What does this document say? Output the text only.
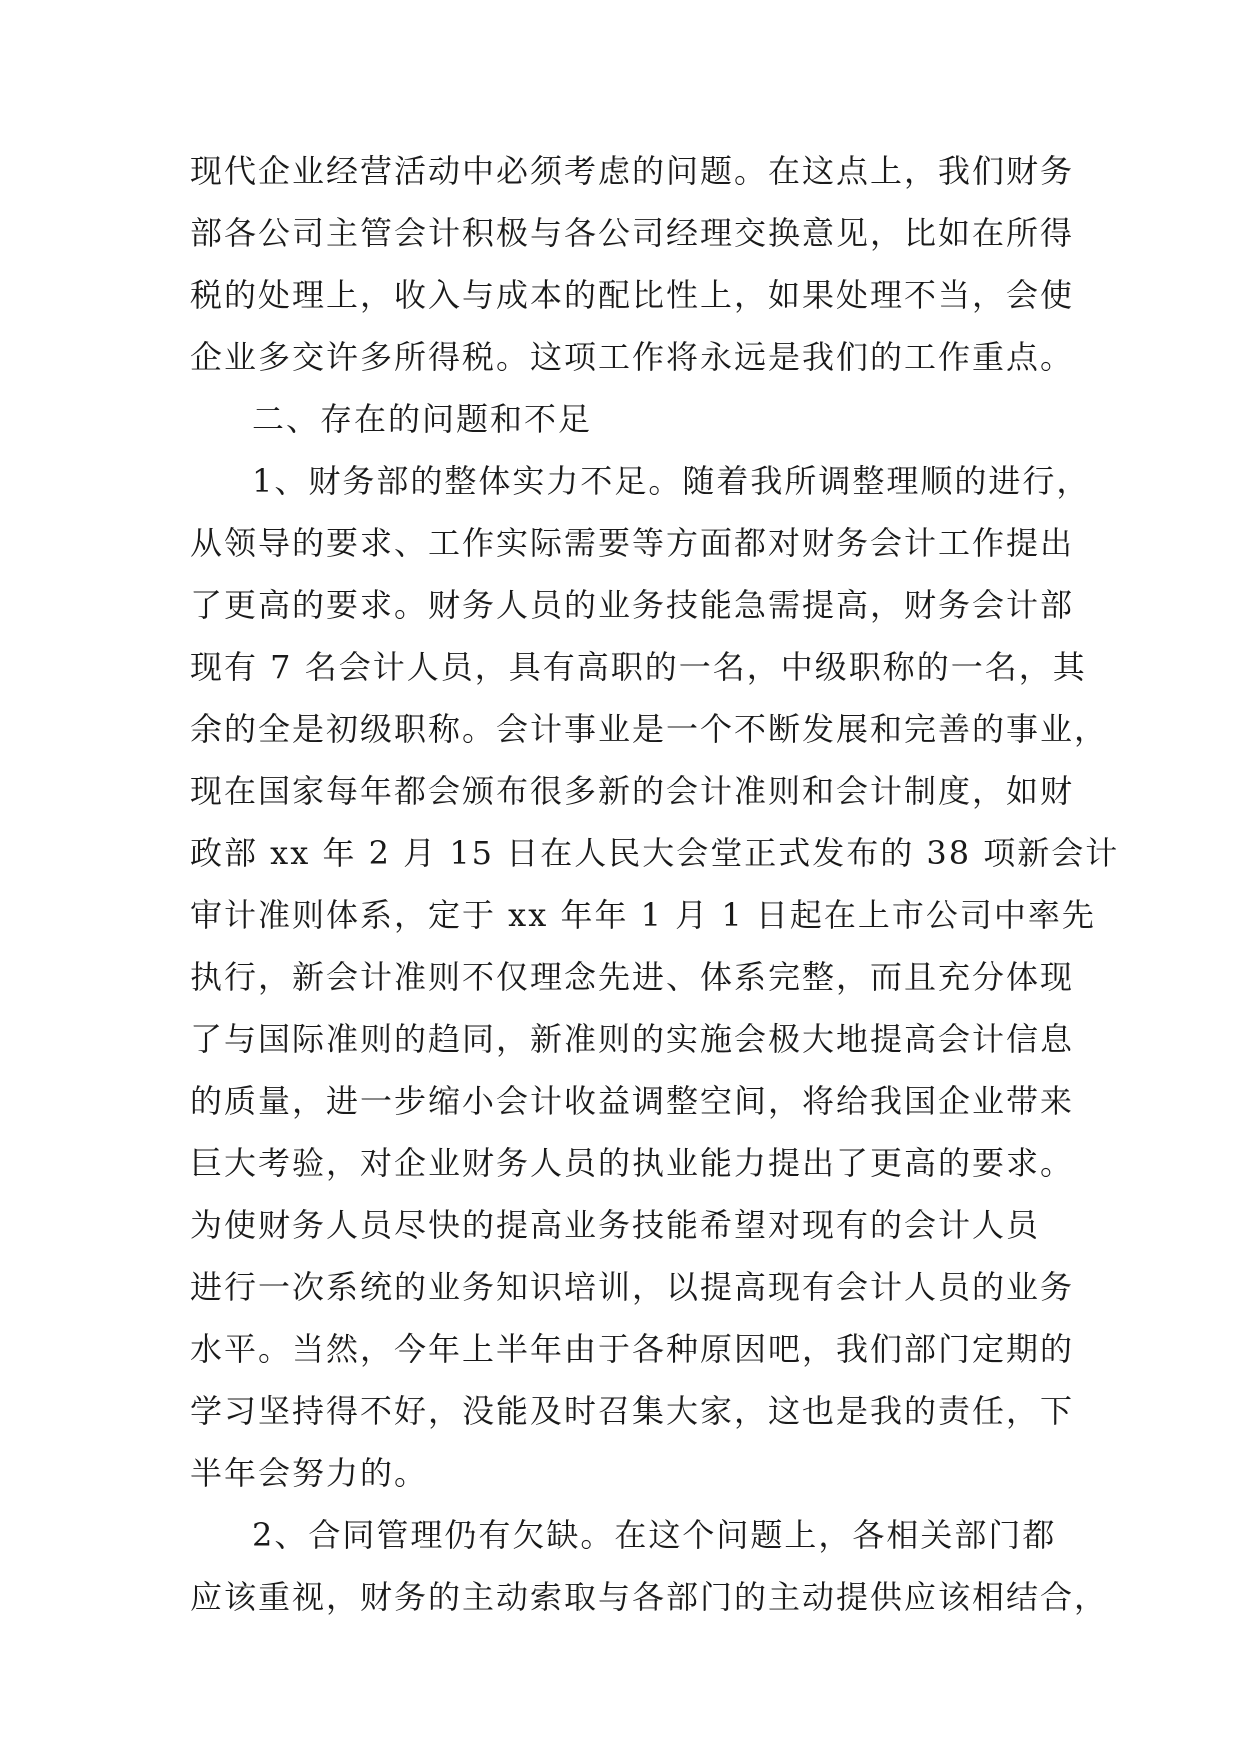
现代企业经营活动中必须考虑的问题。在这点上，我们财务
部各公司主管会计积极与各公司经理交换意见，比如在所得
税的处理上，收入与成本的配比性上，如果处理不当，会使
企业多交许多所得税。这项工作将永远是我们的工作重点。
二、存在的问题和不足
1、财务部的整体实力不足。随着我所调整理顺的进行，
从领导的要求、工作实际需要等方面都对财务会计工作提出
了更高的要求。财务人员的业务技能急需提高，财务会计部
现有 7 名会计人员，具有高职的一名，中级职称的一名，其
余的全是初级职称。会计事业是一个不断发展和完善的事业，
现在国家每年都会颁布很多新的会计准则和会计制度，如财
政部 xx 年 2 月 15 日在人民大会堂正式发布的 38 项新会计
审计准则体系，定于 xx 年年 1 月 1 日起在上市公司中率先
执行，新会计准则不仅理念先进、体系完整，而且充分体现
了与国际准则的趋同，新准则的实施会极大地提高会计信息
的质量，进一步缩小会计收益调整空间，将给我国企业带来
巨大考验，对企业财务人员的执业能力提出了更高的要求。
为使财务人员尽快的提高业务技能希望对现有的会计人员
进行一次系统的业务知识培训，以提高现有会计人员的业务
水平。当然，今年上半年由于各种原因吧，我们部门定期的
学习坚持得不好，没能及时召集大家，这也是我的责任，下
半年会努力的。
2、合同管理仍有欠缺。在这个问题上，各相关部门都
应该重视，财务的主动索取与各部门的主动提供应该相结合，
